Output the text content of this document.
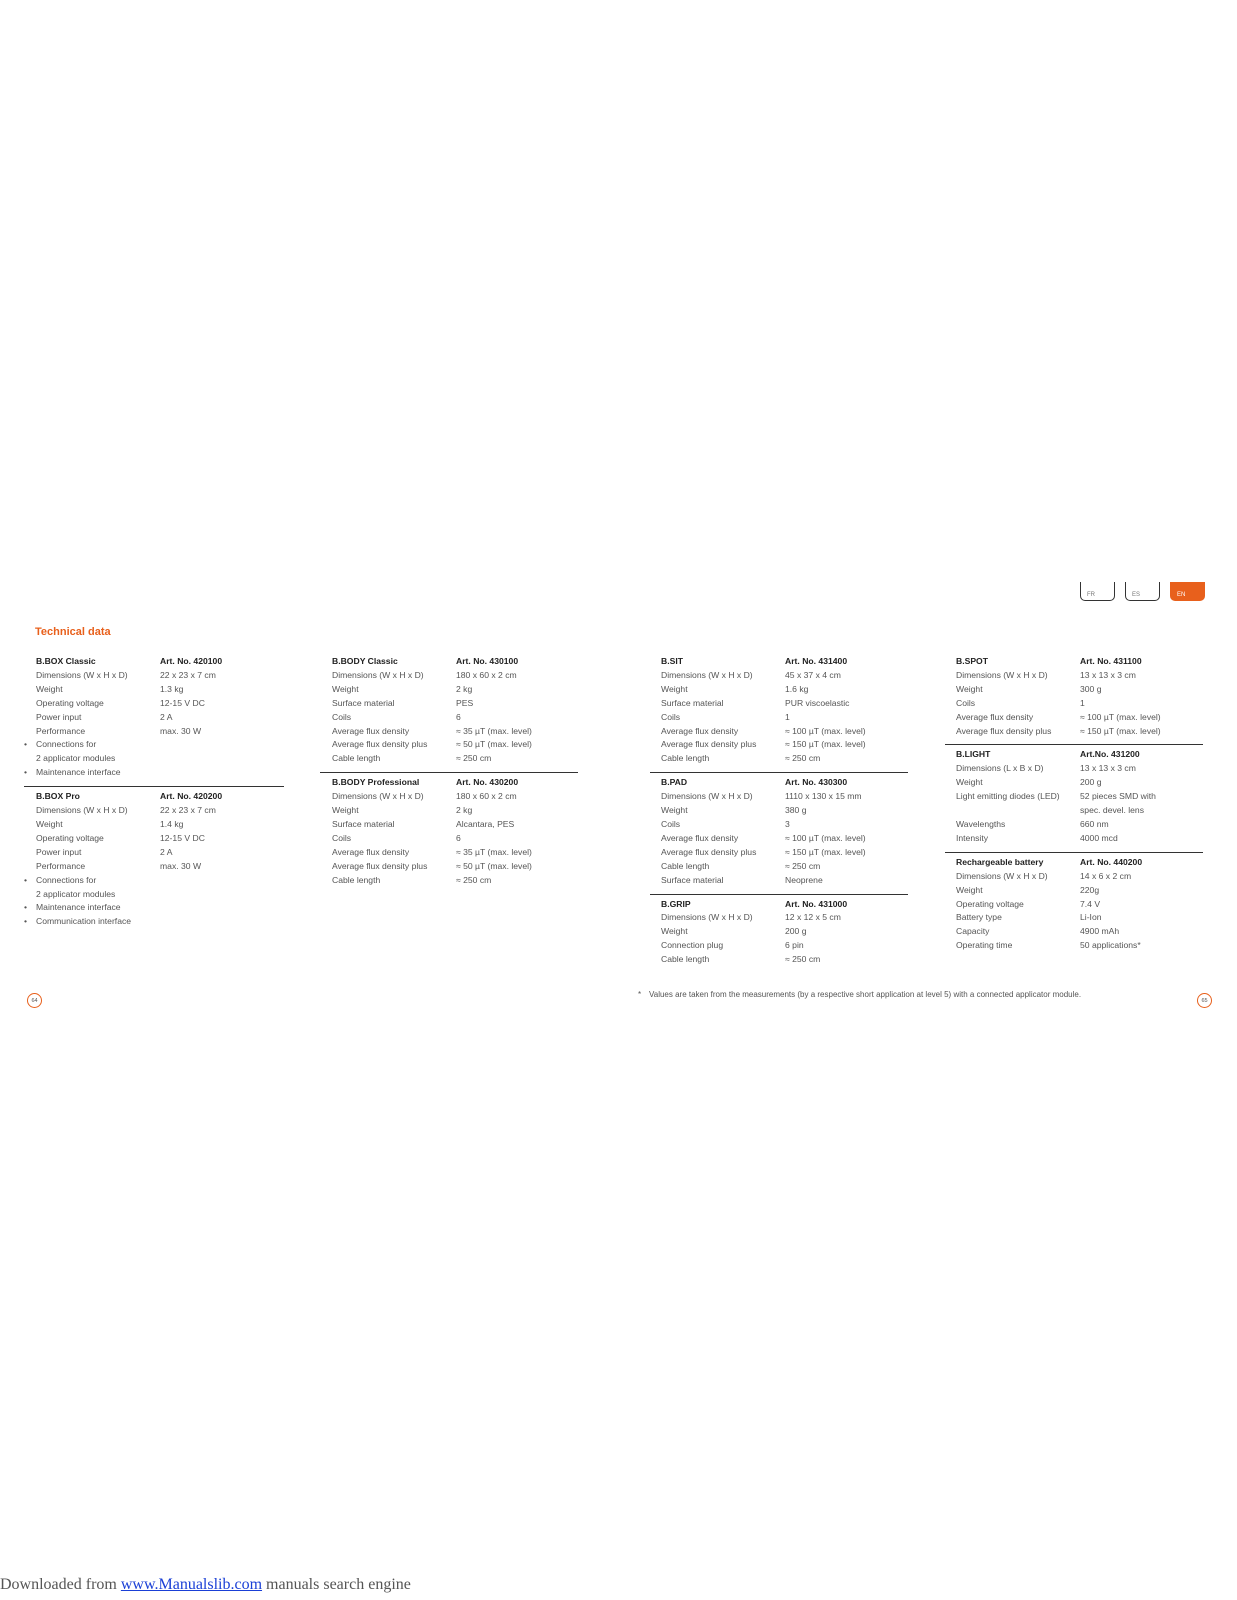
Technical data
FR	ES	EN
B.BOX Classic	Art. No. 420100
Dimensions (W x H x D)	22 x 23 x 7 cm
Weight	1.3 kg
Operating voltage	12-15 V DC
Power input	2 A
Performance	max. 30 W
• Connections for
2 applicator modules
• Maintenance interface
B.BOX Pro	Art. No. 420200
Dimensions (W x H x D)	22 x 23 x 7 cm
Weight	1.4 kg
Operating voltage	12-15 V DC
Power input	2 A
Performance	max. 30 W
• Connections for
2 applicator modules
• Maintenance interface
• Communication interface
B.BODY Classic	Art. No. 430100
Dimensions (W x H x D)	180 x 60 x 2 cm
Weight	2 kg
Surface material	PES
Coils	6
Average flux density	≈ 35 µT (max. level)
Average flux density plus	≈ 50 µT (max. level)
Cable length	≈ 250 cm
B.BODY Professional	Art. No. 430200
Dimensions (W x H x D)	180 x 60 x 2 cm
Weight	2 kg
Surface material	Alcantara, PES
Coils	6
Average flux density	≈ 35 µT (max. level)
Average flux density plus	≈ 50 µT (max. level)
Cable length	≈ 250 cm
B.SIT	Art. No. 431400
Dimensions (W x H x D)	45 x 37 x 4 cm
Weight	1.6 kg
Surface material	PUR viscoelastic
Coils	1
Average flux density	≈ 100 µT (max. level)
Average flux density plus	≈ 150 µT (max. level)
Cable length	≈ 250 cm
B.PAD	Art. No. 430300
Dimensions (W x H x D)	1110 x 130 x 15 mm
Weight	380 g
Coils	3
Average flux density	≈ 100 µT (max. level)
Average flux density plus	≈ 150 µT (max. level)
Cable length	≈ 250 cm
Surface material	Neoprene
B.GRIP	Art. No. 431000
Dimensions (W x H x D)	12 x 12 x 5 cm
Weight	200 g
Connection plug	6 pin
Cable length	≈ 250 cm
B.SPOT	Art. No. 431100
Dimensions (W x H x D)	13 x 13 x 3 cm
Weight	300 g
Coils	1
Average flux density	≈ 100 µT (max. level)
Average flux density plus	≈ 150 µT (max. level)
B.LIGHT	Art.No. 431200
Dimensions (L x B x D)	13 x 13 x 3 cm
Weight	200 g
Light emitting diodes (LED)	52 pieces SMD with
spec. devel. lens
Wavelengths	660 nm
Intensity	4000 mcd
Rechargeable battery	Art. No. 440200
Dimensions (W x H x D)	14 x 6 x 2 cm
Weight	220g
Operating voltage	7.4 V
Battery type	Li-Ion
Capacity	4900 mAh
Operating time	50 applications*
64	65
* Values are taken from the measurements (by a respective short application at level 5) with a connected applicator module.
Downloaded from www.Manualslib.com manuals search engine
